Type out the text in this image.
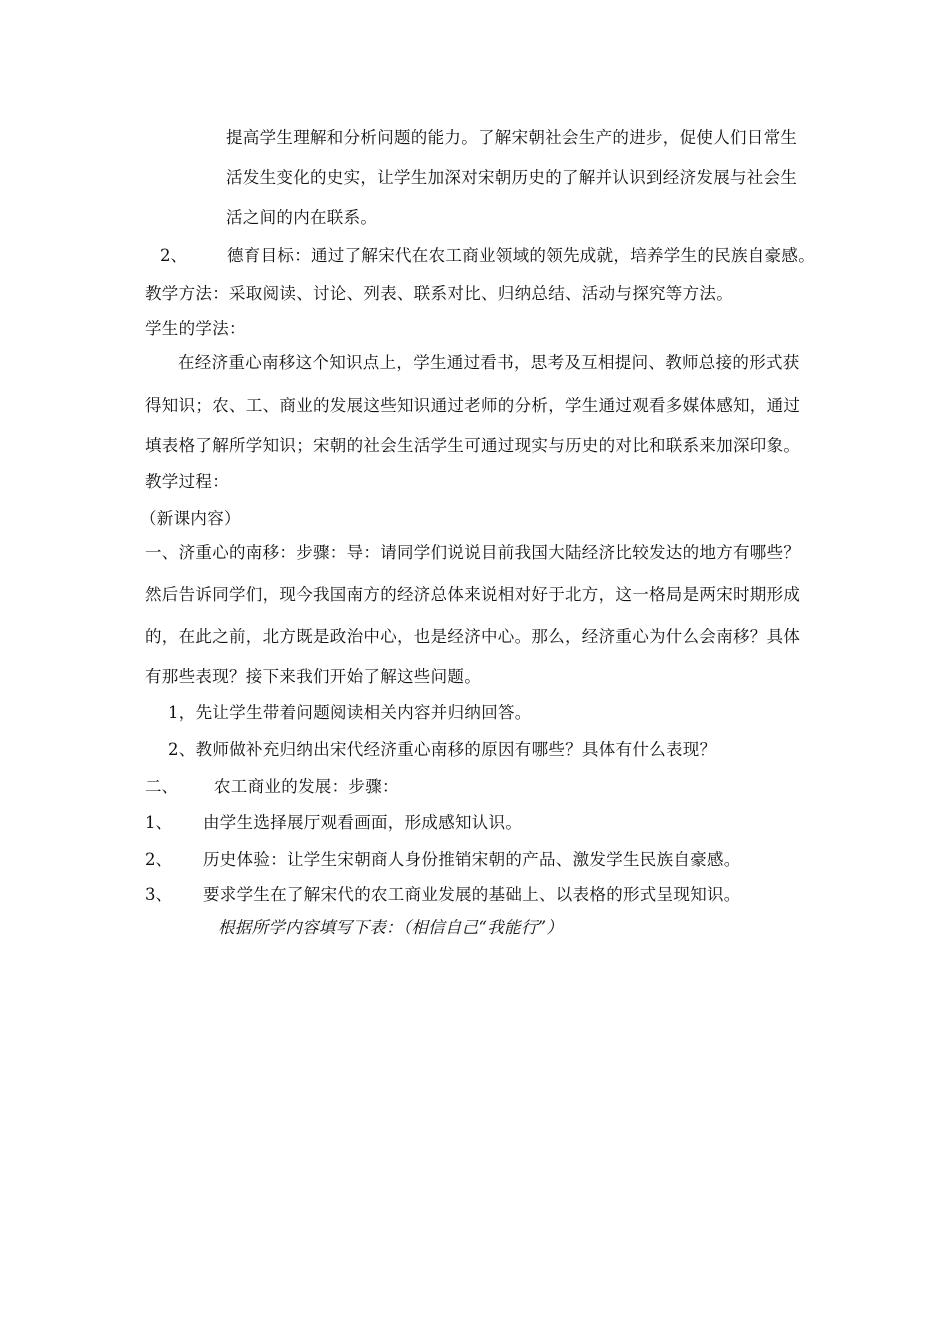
提高学生理解和分析问题的能力。了解宋朝社会生产的进步，促使人们日常生
活发生变化的史实，让学生加深对宋朝历史的了解并认识到经济发展与社会生
活之间的内在联系。
2、 德育目标：通过了解宋代在农工商业领域的领先成就，培养学生的民族自豪感。
教学方法：采取阅读、讨论、列表、联系对比、归纳总结、活动与探究等方法。
学生的学法：
在经济重心南移这个知识点上，学生通过看书，思考及互相提问、教师总接的形式获
得知识；农、工、商业的发展这些知识通过老师的分析，学生通过观看多媒体感知，通过
填表格了解所学知识；宋朝的社会生活学生可通过现实与历史的对比和联系来加深印象。
教学过程：
（新课内容）
一、济重心的南移：步骤：导：请同学们说说目前我国大陆经济比较发达的地方有哪些？
然后告诉同学们，现今我国南方的经济总体来说相对好于北方，这一格局是两宋时期形成
的，在此之前，北方既是政治中心，也是经济中心。那么，经济重心为什么会南移？具体
有那些表现？接下来我们开始了解这些问题。
1，先让学生带着问题阅读相关内容并归纳回答。
2、教师做补充归纳出宋代经济重心南移的原因有哪些？具体有什么表现？
二、 农工商业的发展：步骤：
1、 由学生选择展厅观看画面，形成感知认识。
2、 历史体验：让学生宋朝商人身份推销宋朝的产品、激发学生民族自豪感。
3、 要求学生在了解宋代的农工商业发展的基础上、以表格的形式呈现知识。
根据所学内容填写下表：（相信自己“我能行”）
